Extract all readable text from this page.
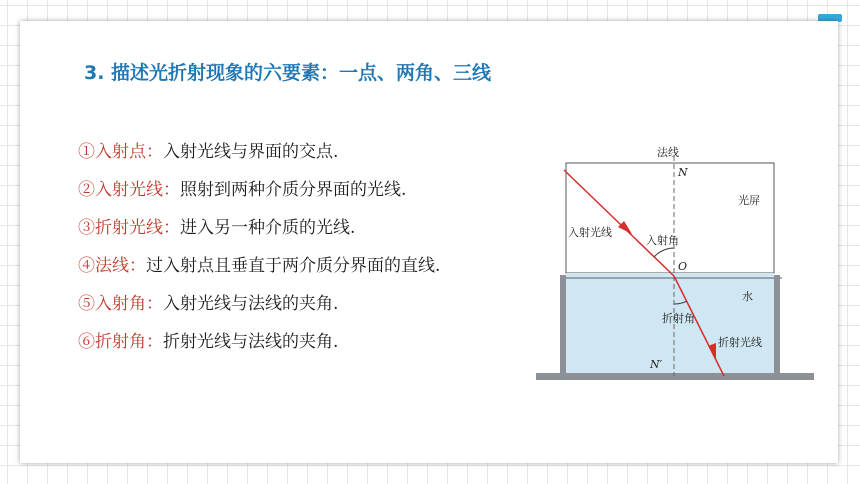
3. 描述光折射现象的六要素：一点、两角、三线
①入射点：入射光线与界面的交点.
②入射光线：照射到两种介质分界面的光线.
③折射光线：进入另一种介质的光线.
④法线：过入射点且垂直于两介质分界面的直线.
⑤入射角：入射光线与法线的夹角.
⑥折射角：折射光线与法线的夹角.
法线
N
光屏
入射光线
入射角
O
水
折射角
折射光线
N′
